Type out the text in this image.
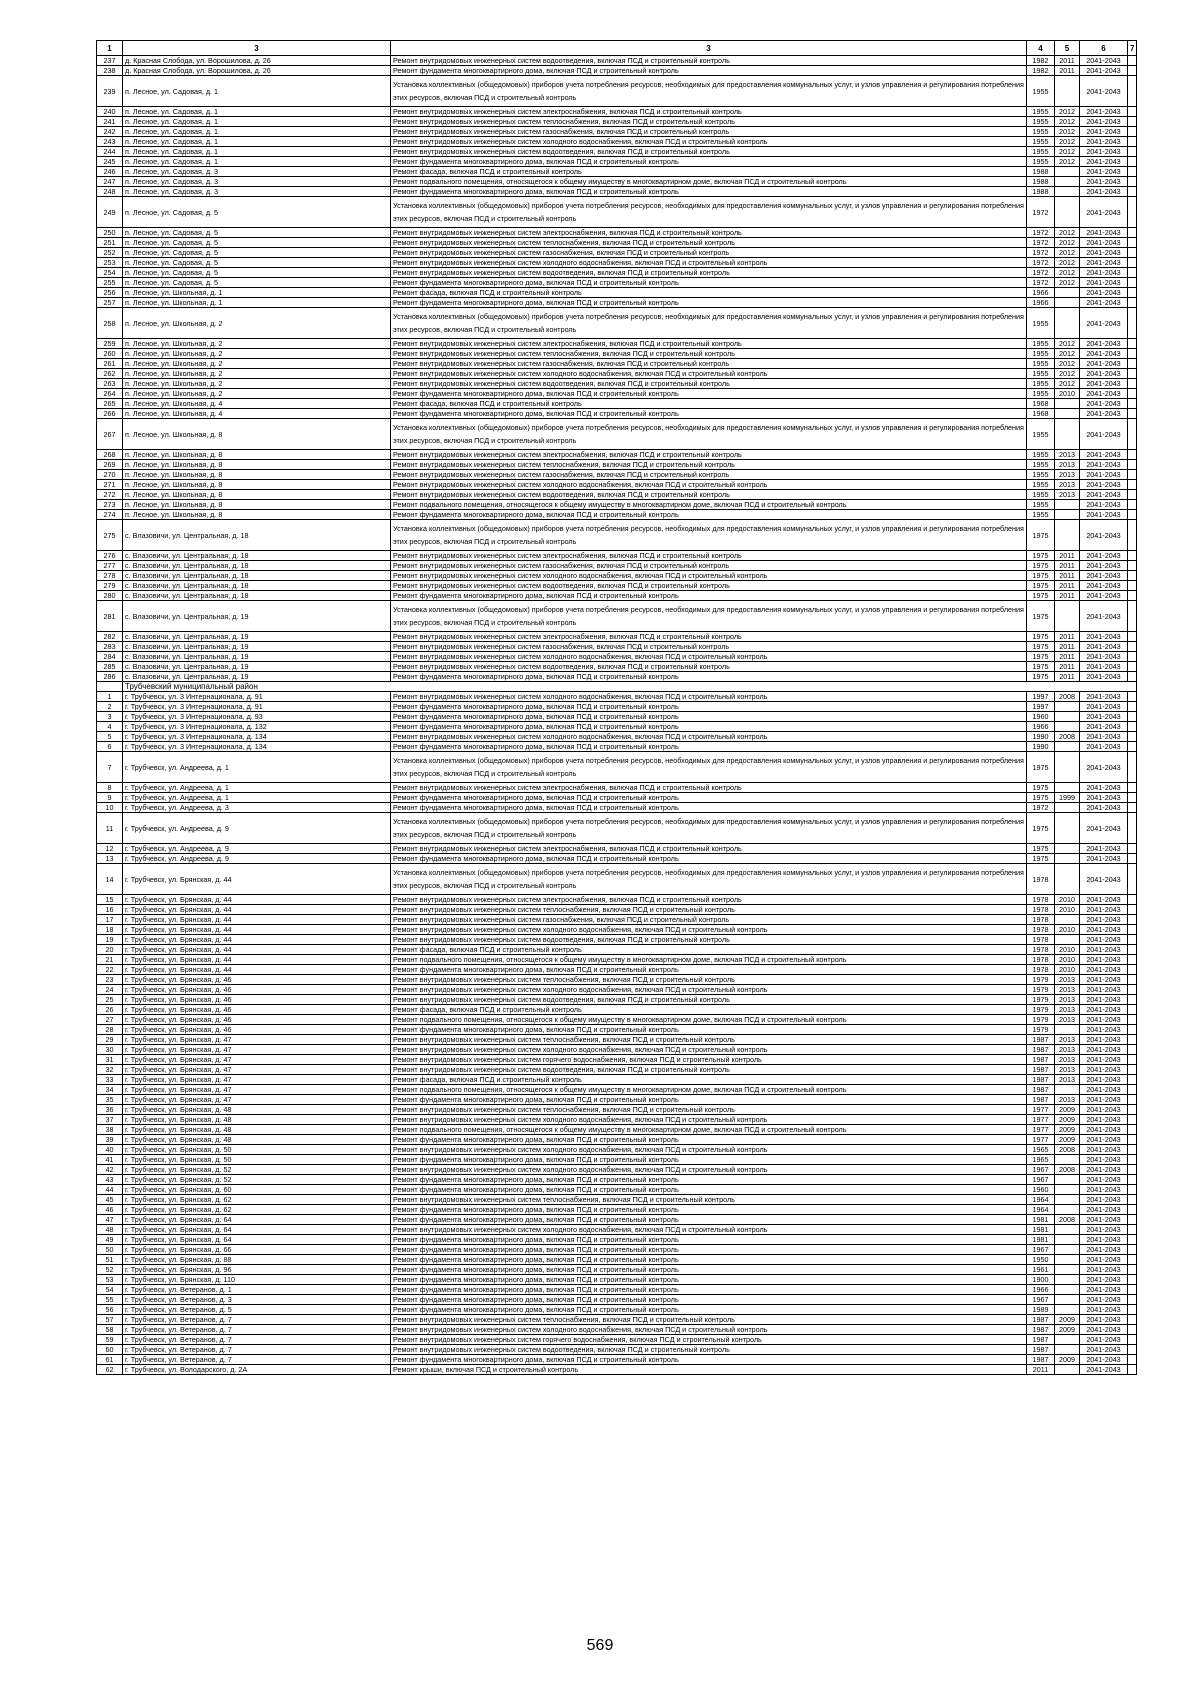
1	3	3	4	5	6	7
237	д. Красная Слобода, ул. Ворошилова, д. 26	Ремонт внутридомовых инженерных систем водоотведения, включая ПСД и строительный контроль	1982	2011	2041-2043	
238	д. Красная Слобода, ул. Ворошилова, д. 26	Ремонт фундамента многоквартирного дома, включая ПСД и строительный контроль	1982	2011	2041-2043	
239	п. Лесное, ул. Садовая, д. 1	Установка коллективных (общедомовых) приборов учета потребления ресурсов, необходимых для предоставления коммунальных услуг, и узлов управления и регулирования потребления этих ресурсов, включая ПСД и строительный контроль	1955		2041-2043	
240	п. Лесное, ул. Садовая, д. 1	Ремонт внутридомовых инженерных систем электроснабжения, включая ПСД и строительный контроль	1955	2012	2041-2043	
241	п. Лесное, ул. Садовая, д. 1	Ремонт внутридомовых инженерных систем теплоснабжения, включая ПСД и строительный контроль	1955	2012	2041-2043	
242	п. Лесное, ул. Садовая, д. 1	Ремонт внутридомовых инженерных систем газоснабжения, включая ПСД и строительный контроль	1955	2012	2041-2043	
243	п. Лесное, ул. Садовая, д. 1	Ремонт внутридомовых инженерных систем холодного водоснабжения, включая ПСД и строительный контроль	1955	2012	2041-2043	
244	п. Лесное, ул. Садовая, д. 1	Ремонт внутридомовых инженерных систем водоотведения, включая ПСД и строительный контроль	1955	2012	2041-2043	
245	п. Лесное, ул. Садовая, д. 1	Ремонт фундамента многоквартирного дома, включая ПСД и строительный контроль	1955	2012	2041-2043	
246	п. Лесное, ул. Садовая, д. 3	Ремонт фасада, включая ПСД и строительный контроль	1988		2041-2043	
247	п. Лесное, ул. Садовая, д. 3	Ремонт подвального помещения, относящегося к общему имуществу в многоквартирном доме, включая ПСД и строительный контроль	1988		2041-2043	
248	п. Лесное, ул. Садовая, д. 3	Ремонт фундамента многоквартирного дома, включая ПСД и строительный контроль	1988		2041-2043	
249	п. Лесное, ул. Садовая, д. 5	Установка коллективных (общедомовых) приборов учета потребления ресурсов, необходимых для предоставления коммунальных услуг, и узлов управления и регулирования потребления этих ресурсов, включая ПСД и строительный контроль	1972		2041-2043	
250	п. Лесное, ул. Садовая, д. 5	Ремонт внутридомовых инженерных систем электроснабжения, включая ПСД и строительный контроль	1972	2012	2041-2043	
251	п. Лесное, ул. Садовая, д. 5	Ремонт внутридомовых инженерных систем теплоснабжения, включая ПСД и строительный контроль	1972	2012	2041-2043	
252	п. Лесное, ул. Садовая, д. 5	Ремонт внутридомовых инженерных систем газоснабжения, включая ПСД и строительный контроль	1972	2012	2041-2043	
253	п. Лесное, ул. Садовая, д. 5	Ремонт внутридомовых инженерных систем холодного водоснабжения, включая ПСД и строительный контроль	1972	2012	2041-2043	
254	п. Лесное, ул. Садовая, д. 5	Ремонт внутридомовых инженерных систем водоотведения, включая ПСД и строительный контроль	1972	2012	2041-2043	
255	п. Лесное, ул. Садовая, д. 5	Ремонт фундамента многоквартирного дома, включая ПСД и строительный контроль	1972	2012	2041-2043	
256	п. Лесное, ул. Школьная, д. 1	Ремонт фасада, включая ПСД и строительный контроль	1966		2041-2043	
257	п. Лесное, ул. Школьная, д. 1	Ремонт фундамента многоквартирного дома, включая ПСД и строительный контроль	1966		2041-2043	
258	п. Лесное, ул. Школьная, д. 2	Установка коллективных (общедомовых) приборов учета потребления ресурсов, необходимых для предоставления коммунальных услуг, и узлов управления и регулирования потребления этих ресурсов, включая ПСД и строительный контроль	1955		2041-2043	
259	п. Лесное, ул. Школьная, д. 2	Ремонт внутридомовых инженерных систем электроснабжения, включая ПСД и строительный контроль	1955	2012	2041-2043	
260	п. Лесное, ул. Школьная, д. 2	Ремонт внутридомовых инженерных систем теплоснабжения, включая ПСД и строительный контроль	1955	2012	2041-2043	
261	п. Лесное, ул. Школьная, д. 2	Ремонт внутридомовых инженерных систем газоснабжения, включая ПСД и строительный контроль	1955	2012	2041-2043	
262	п. Лесное, ул. Школьная, д. 2	Ремонт внутридомовых инженерных систем холодного водоснабжения, включая ПСД и строительный контроль	1955	2012	2041-2043	
263	п. Лесное, ул. Школьная, д. 2	Ремонт внутридомовых инженерных систем водоотведения, включая ПСД и строительный контроль	1955	2012	2041-2043	
264	п. Лесное, ул. Школьная, д. 2	Ремонт фундамента многоквартирного дома, включая ПСД и строительный контроль	1955	2010	2041-2043	
265	п. Лесное, ул. Школьная, д. 4	Ремонт фасада, включая ПСД и строительный контроль	1968		2041-2043	
266	п. Лесное, ул. Школьная, д. 4	Ремонт фундамента многоквартирного дома, включая ПСД и строительный контроль	1968		2041-2043	
267	п. Лесное, ул. Школьная, д. 8	Установка коллективных (общедомовых) приборов учета потребления ресурсов, необходимых для предоставления коммунальных услуг, и узлов управления и регулирования потребления этих ресурсов, включая ПСД и строительный контроль	1955		2041-2043	
268	п. Лесное, ул. Школьная, д. 8	Ремонт внутридомовых инженерных систем электроснабжения, включая ПСД и строительный контроль	1955	2013	2041-2043	
269	п. Лесное, ул. Школьная, д. 8	Ремонт внутридомовых инженерных систем теплоснабжения, включая ПСД и строительный контроль	1955	2013	2041-2043	
270	п. Лесное, ул. Школьная, д. 8	Ремонт внутридомовых инженерных систем газоснабжения, включая ПСД и строительный контроль	1955	2013	2041-2043	
271	п. Лесное, ул. Школьная, д. 8	Ремонт внутридомовых инженерных систем холодного водоснабжения, включая ПСД и строительный контроль	1955	2013	2041-2043	
272	п. Лесное, ул. Школьная, д. 8	Ремонт внутридомовых инженерных систем водоотведения, включая ПСД и строительный контроль	1955	2013	2041-2043	
273	п. Лесное, ул. Школьная, д. 8	Ремонт подвального помещения, относящегося к общему имуществу в многоквартирном доме, включая ПСД и строительный контроль	1955		2041-2043	
274	п. Лесное, ул. Школьная, д. 8	Ремонт фундамента многоквартирного дома, включая ПСД и строительный контроль	1955		2041-2043	
275	с. Влазовичи, ул. Центральная, д. 18	Установка коллективных (общедомовых) приборов учета потребления ресурсов, необходимых для предоставления коммунальных услуг, и узлов управления и регулирования потребления этих ресурсов, включая ПСД и строительный контроль	1975		2041-2043	
276	с. Влазовичи, ул. Центральная, д. 18	Ремонт внутридомовых инженерных систем электроснабжения, включая ПСД и строительный контроль	1975	2011	2041-2043	
277	с. Влазовичи, ул. Центральная, д. 18	Ремонт внутридомовых инженерных систем газоснабжения, включая ПСД и строительный контроль	1975	2011	2041-2043	
278	с. Влазовичи, ул. Центральная, д. 18	Ремонт внутридомовых инженерных систем холодного водоснабжения, включая ПСД и строительный контроль	1975	2011	2041-2043	
279	с. Влазовичи, ул. Центральная, д. 18	Ремонт внутридомовых инженерных систем водоотведения, включая ПСД и строительный контроль	1975	2011	2041-2043	
280	с. Влазовичи, ул. Центральная, д. 18	Ремонт фундамента многоквартирного дома, включая ПСД и строительный контроль	1975	2011	2041-2043	
281	с. Влазовичи, ул. Центральная, д. 19	Установка коллективных (общедомовых) приборов учета потребления ресурсов, необходимых для предоставления коммунальных услуг, и узлов управления и регулирования потребления этих ресурсов, включая ПСД и строительный контроль	1975		2041-2043	
282	с. Влазовичи, ул. Центральная, д. 19	Ремонт внутридомовых инженерных систем электроснабжения, включая ПСД и строительный контроль	1975	2011	2041-2043	
283	с. Влазовичи, ул. Центральная, д. 19	Ремонт внутридомовых инженерных систем газоснабжения, включая ПСД и строительный контроль	1975	2011	2041-2043	
284	с. Влазовичи, ул. Центральная, д. 19	Ремонт внутридомовых инженерных систем холодного водоснабжения, включая ПСД и строительный контроль	1975	2011	2041-2043	
285	с. Влазовичи, ул. Центральная, д. 19	Ремонт внутридомовых инженерных систем водоотведения, включая ПСД и строительный контроль	1975	2011	2041-2043	
286	с. Влазовичи, ул. Центральная, д. 19	Ремонт фундамента многоквартирного дома, включая ПСД и строительный контроль	1975	2011	2041-2043	
	Трубчевский муниципальный район					
1	г. Трубчевск, ул. 3 Интернационала, д. 91	Ремонт внутридомовых инженерных систем холодного водоснабжения, включая ПСД и строительный контроль	1997	2008	2041-2043	
2	г. Трубчевск, ул. 3 Интернационала, д. 91	Ремонт фундамента многоквартирного дома, включая ПСД и строительный контроль	1997		2041-2043	
3	г. Трубчевск, ул. 3 Интернационала, д. 93	Ремонт фундамента многоквартирного дома, включая ПСД и строительный контроль	1960		2041-2043	
4	г. Трубчевск, ул. 3 Интернационала, д. 132	Ремонт фундамента многоквартирного дома, включая ПСД и строительный контроль	1966		2041-2043	
5	г. Трубчевск, ул. 3 Интернационала, д. 134	Ремонт внутридомовых инженерных систем холодного водоснабжения, включая ПСД и строительный контроль	1990	2008	2041-2043	
6	г. Трубчевск, ул. 3 Интернационала, д. 134	Ремонт фундамента многоквартирного дома, включая ПСД и строительный контроль	1990		2041-2043	
7	г. Трубчевск, ул. Андреева, д. 1	Установка коллективных (общедомовых) приборов учета потребления ресурсов, необходимых для предоставления коммунальных услуг, и узлов управления и регулирования потребления этих ресурсов, включая ПСД и строительный контроль	1975		2041-2043	
8	г. Трубчевск, ул. Андреева, д. 1	Ремонт внутридомовых инженерных систем электроснабжения, включая ПСД и строительный контроль	1975		2041-2043	
9	г. Трубчевск, ул. Андреева, д. 1	Ремонт фундамента многоквартирного дома, включая ПСД и строительный контроль	1975	1999	2041-2043	
10	г. Трубчевск, ул. Андреева, д. 3	Ремонт фундамента многоквартирного дома, включая ПСД и строительный контроль	1972		2041-2043	
11	г. Трубчевск, ул. Андреева, д. 9	Установка коллективных (общедомовых) приборов учета потребления ресурсов, необходимых для предоставления коммунальных услуг, и узлов управления и регулирования потребления этих ресурсов, включая ПСД и строительный контроль	1975		2041-2043	
12	г. Трубчевск, ул. Андреева, д. 9	Ремонт внутридомовых инженерных систем электроснабжения, включая ПСД и строительный контроль	1975		2041-2043	
13	г. Трубчевск, ул. Андреева, д. 9	Ремонт фундамента многоквартирного дома, включая ПСД и строительный контроль	1975		2041-2043	
14	г. Трубчевск, ул. Брянская, д. 44	Установка коллективных (общедомовых) приборов учета потребления ресурсов, необходимых для предоставления коммунальных услуг, и узлов управления и регулирования потребления этих ресурсов, включая ПСД и строительный контроль	1978		2041-2043	
15	г. Трубчевск, ул. Брянская, д. 44	Ремонт внутридомовых инженерных систем электроснабжения, включая ПСД и строительный контроль	1978	2010	2041-2043	
16	г. Трубчевск, ул. Брянская, д. 44	Ремонт внутридомовых инженерных систем теплоснабжения, включая ПСД и строительный контроль	1978	2010	2041-2043	
17	г. Трубчевск, ул. Брянская, д. 44	Ремонт внутридомовых инженерных систем газоснабжения, включая ПСД и строительный контроль	1978		2041-2043	
18	г. Трубчевск, ул. Брянская, д. 44	Ремонт внутридомовых инженерных систем холодного водоснабжения, включая ПСД и строительный контроль	1978	2010	2041-2043	
19	г. Трубчевск, ул. Брянская, д. 44	Ремонт внутридомовых инженерных систем водоотведения, включая ПСД и строительный контроль	1978		2041-2043	
20	г. Трубчевск, ул. Брянская, д. 44	Ремонт фасада, включая ПСД и строительный контроль	1978	2010	2041-2043	
21	г. Трубчевск, ул. Брянская, д. 44	Ремонт подвального помещения, относящегося к общему имуществу в многоквартирном доме, включая ПСД и строительный контроль	1978	2010	2041-2043	
22	г. Трубчевск, ул. Брянская, д. 44	Ремонт фундамента многоквартирного дома, включая ПСД и строительный контроль	1978	2010	2041-2043	
23	г. Трубчевск, ул. Брянская, д. 46	Ремонт внутридомовых инженерных систем теплоснабжения, включая ПСД и строительный контроль	1979	2013	2041-2043	
24	г. Трубчевск, ул. Брянская, д. 46	Ремонт внутридомовых инженерных систем холодного водоснабжения, включая ПСД и строительный контроль	1979	2013	2041-2043	
25	г. Трубчевск, ул. Брянская, д. 46	Ремонт внутридомовых инженерных систем водоотведения, включая ПСД и строительный контроль	1979	2013	2041-2043	
26	г. Трубчевск, ул. Брянская, д. 46	Ремонт фасада, включая ПСД и строительный контроль	1979	2013	2041-2043	
27	г. Трубчевск, ул. Брянская, д. 46	Ремонт подвального помещения, относящегося к общему имуществу в многоквартирном доме, включая ПСД и строительный контроль	1979	2013	2041-2043	
28	г. Трубчевск, ул. Брянская, д. 46	Ремонт фундамента многоквартирного дома, включая ПСД и строительный контроль	1979		2041-2043	
29	г. Трубчевск, ул. Брянская, д. 47	Ремонт внутридомовых инженерных систем теплоснабжения, включая ПСД и строительный контроль	1987	2013	2041-2043	
30	г. Трубчевск, ул. Брянская, д. 47	Ремонт внутридомовых инженерных систем холодного водоснабжения, включая ПСД и строительный контроль	1987	2013	2041-2043	
31	г. Трубчевск, ул. Брянская, д. 47	Ремонт внутридомовых инженерных систем горячего водоснабжения, включая ПСД и строительный контроль	1987	2013	2041-2043	
32	г. Трубчевск, ул. Брянская, д. 47	Ремонт внутридомовых инженерных систем водоотведения, включая ПСД и строительный контроль	1987	2013	2041-2043	
33	г. Трубчевск, ул. Брянская, д. 47	Ремонт фасада, включая ПСД и строительный контроль	1987	2013	2041-2043	
34	г. Трубчевск, ул. Брянская, д. 47	Ремонт подвального помещения, относящегося к общему имуществу в многоквартирном доме, включая ПСД и строительный контроль	1987		2041-2043	
35	г. Трубчевск, ул. Брянская, д. 47	Ремонт фундамента многоквартирного дома, включая ПСД и строительный контроль	1987	2013	2041-2043	
36	г. Трубчевск, ул. Брянская, д. 48	Ремонт внутридомовых инженерных систем теплоснабжения, включая ПСД и строительный контроль	1977	2009	2041-2043	
37	г. Трубчевск, ул. Брянская, д. 48	Ремонт внутридомовых инженерных систем холодного водоснабжения, включая ПСД и строительный контроль	1977	2009	2041-2043	
38	г. Трубчевск, ул. Брянская, д. 48	Ремонт подвального помещения, относящегося к общему имуществу в многоквартирном доме, включая ПСД и строительный контроль	1977	2009	2041-2043	
39	г. Трубчевск, ул. Брянская, д. 48	Ремонт фундамента многоквартирного дома, включая ПСД и строительный контроль	1977	2009	2041-2043	
40	г. Трубчевск, ул. Брянская, д. 50	Ремонт внутридомовых инженерных систем холодного водоснабжения, включая ПСД и строительный контроль	1965	2008	2041-2043	
41	г. Трубчевск, ул. Брянская, д. 50	Ремонт фундамента многоквартирного дома, включая ПСД и строительный контроль	1965		2041-2043	
42	г. Трубчевск, ул. Брянская, д. 52	Ремонт внутридомовых инженерных систем холодного водоснабжения, включая ПСД и строительный контроль	1967	2008	2041-2043	
43	г. Трубчевск, ул. Брянская, д. 52	Ремонт фундамента многоквартирного дома, включая ПСД и строительный контроль	1967		2041-2043	
44	г. Трубчевск, ул. Брянская, д. 60	Ремонт фундамента многоквартирного дома, включая ПСД и строительный контроль	1960		2041-2043	
45	г. Трубчевск, ул. Брянская, д. 62	Ремонт внутридомовых инженерных систем теплоснабжения, включая ПСД и строительный контроль	1964		2041-2043	
46	г. Трубчевск, ул. Брянская, д. 62	Ремонт фундамента многоквартирного дома, включая ПСД и строительный контроль	1964		2041-2043	
47	г. Трубчевск, ул. Брянская, д. 64	Ремонт фундамента многоквартирного дома, включая ПСД и строительный контроль	1981	2008	2041-2043	
48	г. Трубчевск, ул. Брянская, д. 64	Ремонт внутридомовых инженерных систем холодного водоснабжения, включая ПСД и строительный контроль	1981		2041-2043	
49	г. Трубчевск, ул. Брянская, д. 64	Ремонт фундамента многоквартирного дома, включая ПСД и строительный контроль	1981		2041-2043	
50	г. Трубчевск, ул. Брянская, д. 66	Ремонт фундамента многоквартирного дома, включая ПСД и строительный контроль	1967		2041-2043	
51	г. Трубчевск, ул. Брянская, д. 88	Ремонт фундамента многоквартирного дома, включая ПСД и строительный контроль	1950		2041-2043	
52	г. Трубчевск, ул. Брянская, д. 96	Ремонт фундамента многоквартирного дома, включая ПСД и строительный контроль	1961		2041-2043	
53	г. Трубчевск, ул. Брянская, д. 110	Ремонт фундамента многоквартирного дома, включая ПСД и строительный контроль	1900		2041-2043	
54	г. Трубчевск, ул. Ветеранов, д. 1	Ремонт фундамента многоквартирного дома, включая ПСД и строительный контроль	1966		2041-2043	
55	г. Трубчевск, ул. Ветеранов, д. 3	Ремонт фундамента многоквартирного дома, включая ПСД и строительный контроль	1967		2041-2043	
56	г. Трубчевск, ул. Ветеранов, д. 5	Ремонт фундамента многоквартирного дома, включая ПСД и строительный контроль	1989		2041-2043	
57	г. Трубчевск, ул. Ветеранов, д. 7	Ремонт внутридомовых инженерных систем теплоснабжения, включая ПСД и строительный контроль	1987	2009	2041-2043	
58	г. Трубчевск, ул. Ветеранов, д. 7	Ремонт внутридомовых инженерных систем холодного водоснабжения, включая ПСД и строительный контроль	1987	2009	2041-2043	
59	г. Трубчевск, ул. Ветеранов, д. 7	Ремонт внутридомовых инженерных систем горячего водоснабжения, включая ПСД и строительный контроль	1987		2041-2043	
60	г. Трубчевск, ул. Ветеранов, д. 7	Ремонт внутридомовых инженерных систем водоотведения, включая ПСД и строительный контроль	1987		2041-2043	
61	г. Трубчевск, ул. Ветеранов, д. 7	Ремонт фундамента многоквартирного дома, включая ПСД и строительный контроль	1987	2009	2041-2043	
62	г. Трубчевск, ул. Володарского, д. 2А	Ремонт крыши, включая ПСД и строительный контроль	2011		2041-2043	
569
